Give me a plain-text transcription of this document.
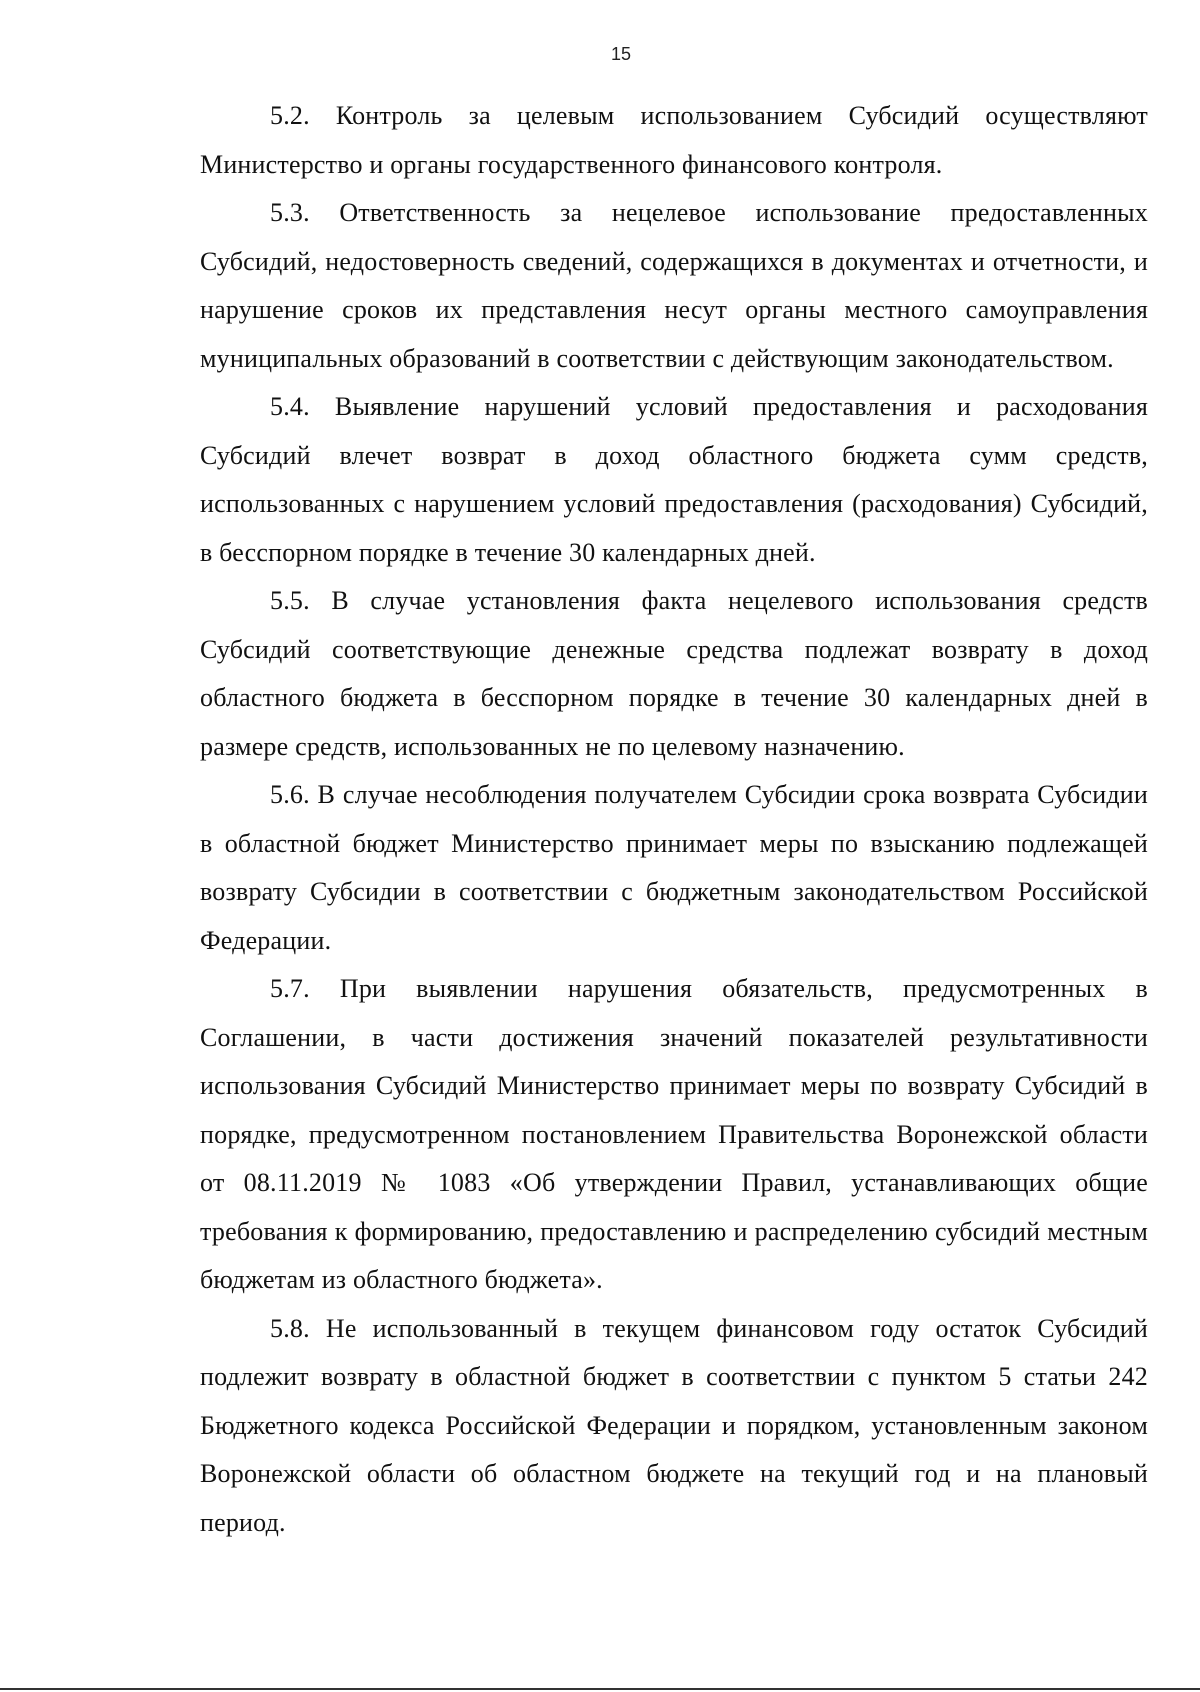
15

5.2. Контроль за целевым использованием Субсидий осуществляют Министерство и органы государственного финансового контроля.

5.3. Ответственность за нецелевое использование предоставленных Субсидий, недостоверность сведений, содержащихся в документах и отчетности, и нарушение сроков их представления несут органы местного самоуправления муниципальных образований в соответствии с действующим законодательством.

5.4. Выявление нарушений условий предоставления и расходования Субсидий влечет возврат в доход областного бюджета сумм средств, использованных с нарушением условий предоставления (расходования) Субсидий, в бесспорном порядке в течение 30 календарных дней.

5.5. В случае установления факта нецелевого использования средств Субсидий соответствующие денежные средства подлежат возврату в доход областного бюджета в бесспорном порядке в течение 30 календарных дней в размере средств, использованных не по целевому назначению.

5.6. В случае несоблюдения получателем Субсидии срока возврата Субсидии в областной бюджет Министерство принимает меры по взысканию подлежащей возврату Субсидии в соответствии с бюджетным законодательством Российской Федерации.

5.7. При выявлении нарушения обязательств, предусмотренных в Соглашении, в части достижения значений показателей результативности использования Субсидий Министерство принимает меры по возврату Субсидий в порядке, предусмотренном постановлением Правительства Воронежской области от 08.11.2019 № 1083 «Об утверждении Правил, устанавливающих общие требования к формированию, предоставлению и распределению субсидий местным бюджетам из областного бюджета».

5.8. Не использованный в текущем финансовом году остаток Субсидий подлежит возврату в областной бюджет в соответствии с пунктом 5 статьи 242 Бюджетного кодекса Российской Федерации и порядком, установленным законом Воронежской области об областном бюджете на текущий год и на плановый период.
